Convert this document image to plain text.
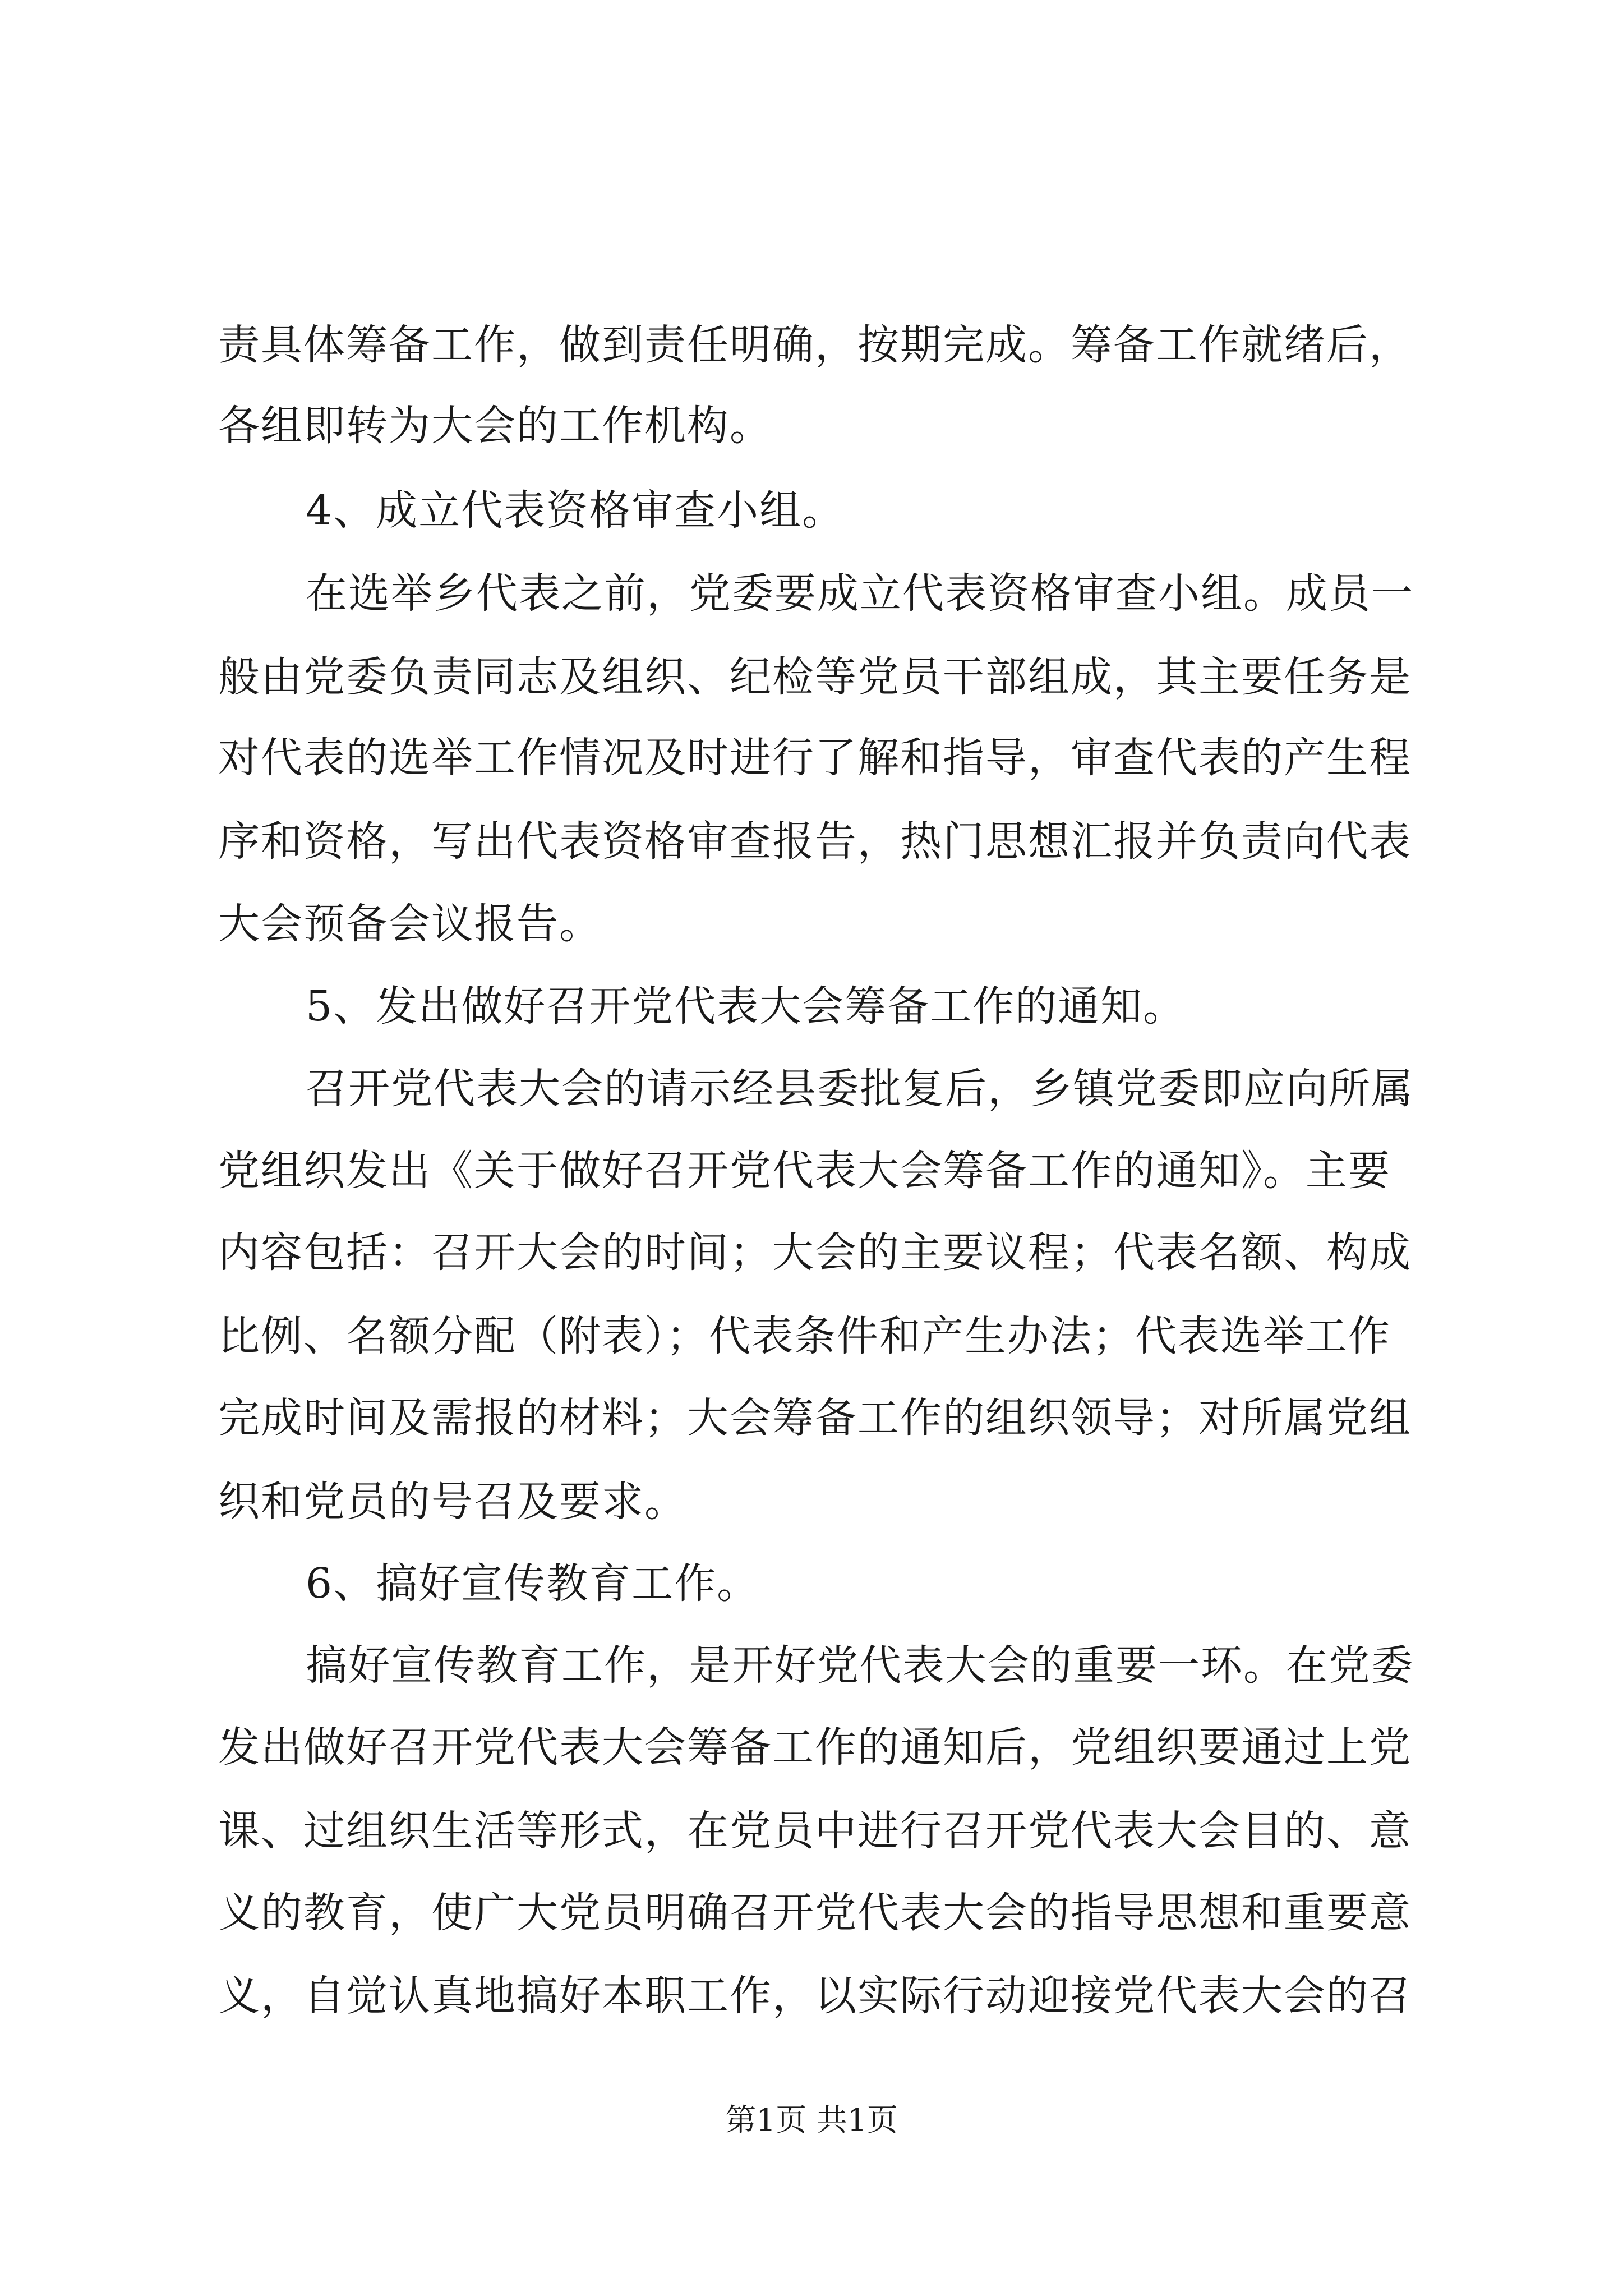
责具体筹备工作，做到责任明确，按期完成。筹备工作就绪后，
各组即转为大会的工作机构。
4、成立代表资格审查小组。
在选举乡代表之前，党委要成立代表资格审查小组。成员一
般由党委负责同志及组织、纪检等党员干部组成，其主要任务是
对代表的选举工作情况及时进行了解和指导，审查代表的产生程
序和资格，写出代表资格审查报告，热门思想汇报并负责向代表
大会预备会议报告。
5、发出做好召开党代表大会筹备工作的通知。
召开党代表大会的请示经县委批复后，乡镇党委即应向所属
党组织发出《关于做好召开党代表大会筹备工作的通知》。主要
内容包括：召开大会的时间；大会的主要议程；代表名额、构成
比例、名额分配（附表）；代表条件和产生办法；代表选举工作
完成时间及需报的材料；大会筹备工作的组织领导；对所属党组
织和党员的号召及要求。
6、搞好宣传教育工作。
搞好宣传教育工作，是开好党代表大会的重要一环。在党委
发出做好召开党代表大会筹备工作的通知后，党组织要通过上党
课、过组织生活等形式，在党员中进行召开党代表大会目的、意
义的教育，使广大党员明确召开党代表大会的指导思想和重要意
义，自觉认真地搞好本职工作，以实际行动迎接党代表大会的召
第1页 共1页
